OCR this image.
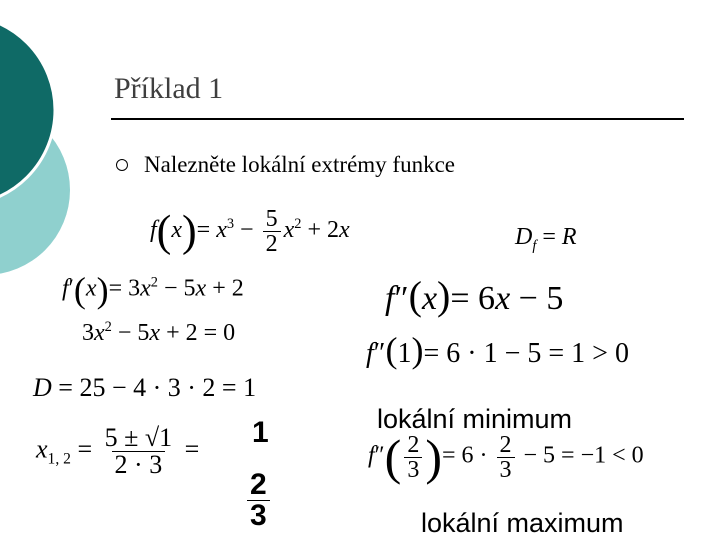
Příklad 1
Nalezněte lokální extrémy funkce
$f(x)= x^3 - \frac{5}{2} x^2 + 2x$	$D_f = R$
$f'(x)= 3x^2 - 5x + 2$
$3x^2 - 5x + 2 = 0$
f″(x)= 6x − 5
f″(1)= 6 · 1 − 5 = 1 > 0
D = 25 − 4 · 3 · 2 = 1
lokální minimum
$x_{1, 2} = \frac{5 \pm √1}{2 \cdot 3} = 1$
$\frac{2}{3}$
$f''( \frac{2}{3}$ )= $6 \cdot \frac{2}{3} - 5 = -1 < 0$
lokální maximum
